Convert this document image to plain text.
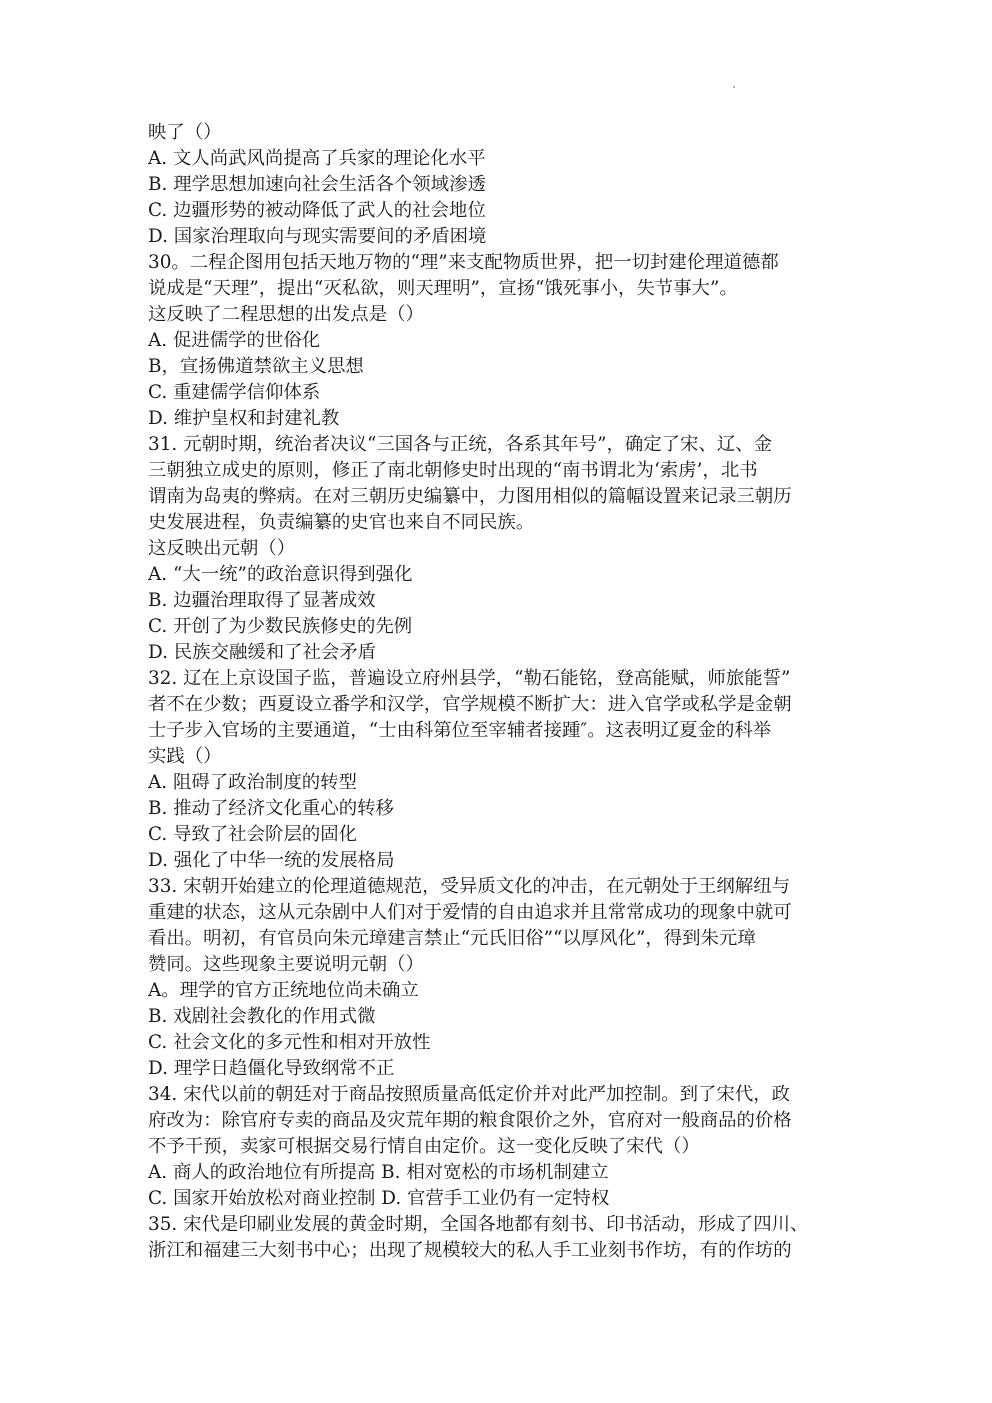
映了（）
A. 文人尚武风尚提高了兵家的理论化水平
B. 理学思想加速向社会生活各个领域渗透
C. 边疆形势的被动降低了武人的社会地位
D. 国家治理取向与现实需要间的矛盾困境
30。二程企图用包括天地万物的“理”来支配物质世界，把一切封建伦理道德都
说成是“天理”，提出“灭私欲，则天理明”，宣扬“饿死事小，失节事大”。
这反映了二程思想的出发点是（）
A. 促进儒学的世俗化
B，宣扬佛道禁欲主义思想
C. 重建儒学信仰体系
D. 维护皇权和封建礼教
31. 元朝时期，统治者决议“三国各与正统，各系其年号”，确定了宋、辽、金
三朝独立成史的原则，修正了南北朝修史时出现的“南书谓北为‘索虏’，北书
谓南为岛夷的弊病。在对三朝历史编纂中，力图用相似的篇幅设置来记录三朝历
史发展进程，负责编纂的史官也来自不同民族。
这反映出元朝（）
A. “大一统”的政治意识得到强化
B. 边疆治理取得了显著成效
C. 开创了为少数民族修史的先例
D. 民族交融缓和了社会矛盾
32. 辽在上京设国子监，普遍设立府州县学，“勒石能铭，登高能赋，师旅能誓”
者不在少数；西夏设立番学和汉学，官学规模不断扩大：进入官学或私学是金朝
士子步入官场的主要通道，“士由科第位至宰辅者接踵″。这表明辽夏金的科举
实践（）
A. 阻碍了政治制度的转型
B. 推动了经济文化重心的转移
C. 导致了社会阶层的固化
D. 强化了中华一统的发展格局
33. 宋朝开始建立的伦理道德规范，受异质文化的冲击，在元朝处于王纲解纽与
重建的状态，这从元杂剧中人们对于爱情的自由追求并且常常成功的现象中就可
看出。明初，有官员向朱元璋建言禁止“元氏旧俗”“以厚风化”，得到朱元璋
赞同。这些现象主要说明元朝（）
A。理学的官方正统地位尚未确立
B. 戏剧社会教化的作用式微
C. 社会文化的多元性和相对开放性
D. 理学日趋僵化导致纲常不正
34. 宋代以前的朝廷对于商品按照质量高低定价并对此严加控制。到了宋代，政
府改为：除官府专卖的商品及灾荒年期的粮食限价之外，官府对一般商品的价格
不予干预，卖家可根据交易行情自由定价。这一变化反映了宋代（）
A. 商人的政治地位有所提高 B. 相对宽松的市场机制建立
C. 国家开始放松对商业控制 D. 官营手工业仍有一定特权
35. 宋代是印刷业发展的黄金时期，全国各地都有刻书、印书活动，形成了四川、
浙江和福建三大刻书中心；出现了规模较大的私人手工业刻书作坊，有的作坊的
